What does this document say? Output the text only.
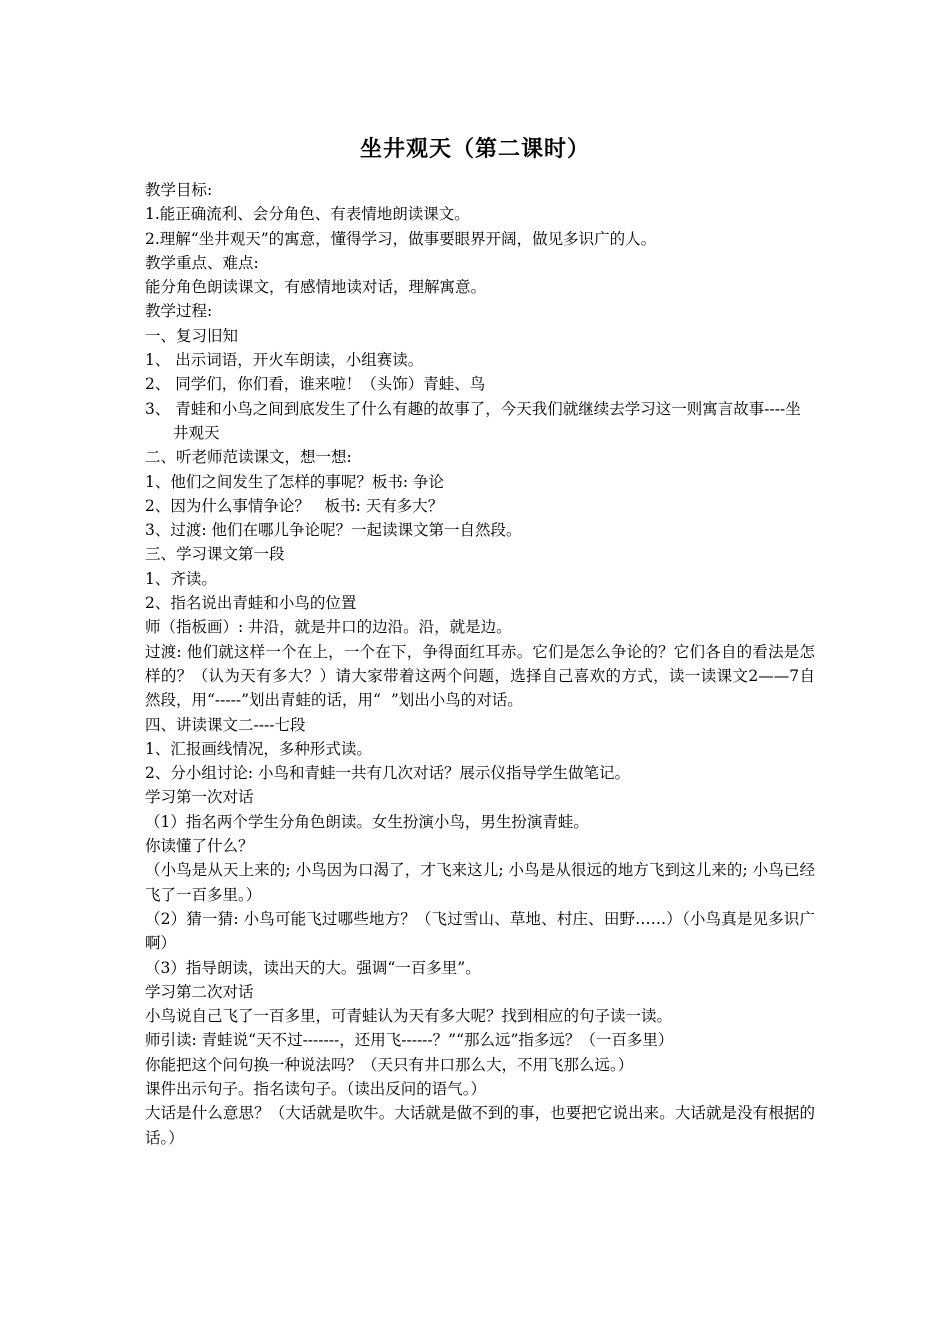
坐井观天（第二课时）
教学目标:
1.能正确流利、会分角色、有表情地朗读课文。
2.理解“坐井观天”的寓意，懂得学习，做事要眼界开阔，做见多识广的人。
教学重点、难点:
能分角色朗读课文，有感情地读对话，理解寓意。
教学过程:
一、复习旧知
1、 出示词语，开火车朗读，小组赛读。
2、 同学们，你们看，谁来啦！（头饰）青蛙、鸟
3、 青蛙和小鸟之间到底发生了什么有趣的故事了，今天我们就继续去学习这一则寓言故事----坐井观天
二、听老师范读课文，想一想:
1、他们之间发生了怎样的事呢？板书: 争论
2、因为什么事情争论？   板书: 天有多大？
3、过渡: 他们在哪儿争论呢？一起读课文第一自然段。
三、学习课文第一段
1、齐读。
2、指名说出青蛙和小鸟的位置
师（指板画）: 井沿，就是井口的边沿。沿，就是边。
过渡: 他们就这样一个在上，一个在下，争得面红耳赤。它们是怎么争论的？它们各自的看法是怎样的？（认为天有多大？）请大家带着这两个问题，选择自己喜欢的方式，读一读课文2——7自然段，用“-----”划出青蛙的话，用“  ”划出小鸟的对话。
四、讲读课文二----七段
1、汇报画线情况，多种形式读。
2、分小组讨论: 小鸟和青蛙一共有几次对话？展示仪指导学生做笔记。
学习第一次对话
（1）指名两个学生分角色朗读。女生扮演小鸟，男生扮演青蛙。
你读懂了什么？
（小鸟是从天上来的; 小鸟因为口渴了，才飞来这儿; 小鸟是从很远的地方飞到这儿来的; 小鸟已经飞了一百多里。）
（2）猜一猜: 小鸟可能飞过哪些地方？（飞过雪山、草地、村庄、田野……）（小鸟真是见多识广啊）
（3）指导朗读，读出天的大。强调“一百多里”。
学习第二次对话
小鸟说自己飞了一百多里，可青蛙认为天有多大呢？找到相应的句子读一读。
师引读: 青蛙说“天不过-------，还用飞------？”“那么远”指多远？（一百多里）
你能把这个问句换一种说法吗？（天只有井口那么大，不用飞那么远。）
课件出示句子。指名读句子。（读出反问的语气。）
大话是什么意思？（大话就是吹牛。大话就是做不到的事，也要把它说出来。大话就是没有根据的话。）
